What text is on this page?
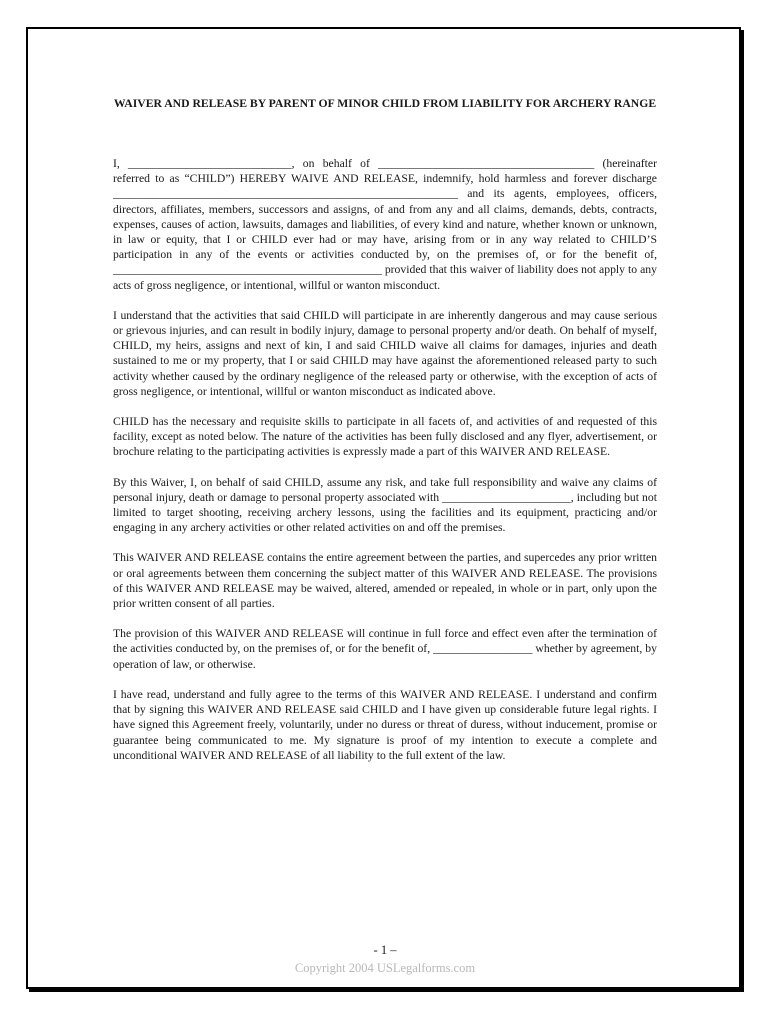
WAIVER AND RELEASE BY PARENT OF MINOR CHILD FROM LIABILITY FOR ARCHERY RANGE

I, ____________________________, on behalf of _____________________________________ (hereinafter referred to as “CHILD”) HEREBY WAIVE AND RELEASE, indemnify, hold harmless and forever discharge ___________________________________________________________ and its agents, employees, officers, directors, affiliates, members, successors and assigns, of and from any and all claims, demands, debts, contracts, expenses, causes of action, lawsuits, damages and liabilities, of every kind and nature, whether known or unknown, in law or equity, that I or CHILD ever had or may have, arising from or in any way related to CHILD’S participation in any of the events or activities conducted by, on the premises of, or for the benefit of, ______________________________________________ provided that this waiver of liability does not apply to any acts of gross negligence, or intentional, willful or wanton misconduct.

I understand that the activities that said CHILD will participate in are inherently dangerous and may cause serious or grievous injuries, and can result in bodily injury, damage to personal property and/or death. On behalf of myself, CHILD, my heirs, assigns and next of kin, I and said CHILD waive all claims for damages, injuries and death sustained to me or my property, that I or said CHILD may have against the aforementioned released party to such activity whether caused by the ordinary negligence of the released party or otherwise, with the exception of acts of gross negligence, or intentional, willful or wanton misconduct as indicated above.

CHILD has the necessary and requisite skills to participate in all facets of, and activities of and requested of this facility, except as noted below. The nature of the activities has been fully disclosed and any flyer, advertisement, or brochure relating to the participating activities is expressly made a part of this WAIVER AND RELEASE.

By this Waiver, I, on behalf of said CHILD, assume any risk, and take full responsibility and waive any claims of personal injury, death or damage to personal property associated with ______________________, including but not limited to target shooting, receiving archery lessons, using the facilities and its equipment, practicing and/or engaging in any archery activities or other related activities on and off the premises.

This WAIVER AND RELEASE contains the entire agreement between the parties, and supercedes any prior written or oral agreements between them concerning the subject matter of this WAIVER AND RELEASE. The provisions of this WAIVER AND RELEASE may be waived, altered, amended or repealed, in whole or in part, only upon the prior written consent of all parties.

The provision of this WAIVER AND RELEASE will continue in full force and effect even after the termination of the activities conducted by, on the premises of, or for the benefit of, _________________ whether by agreement, by operation of law, or otherwise.

I have read, understand and fully agree to the terms of this WAIVER AND RELEASE. I understand and confirm that by signing this WAIVER AND RELEASE said CHILD and I have given up considerable future legal rights. I have signed this Agreement freely, voluntarily, under no duress or threat of duress, without inducement, promise or guarantee being communicated to me. My signature is proof of my intention to execute a complete and unconditional WAIVER AND RELEASE of all liability to the full extent of the law.

- 1 –
Copyright 2004 USLegalforms.com
